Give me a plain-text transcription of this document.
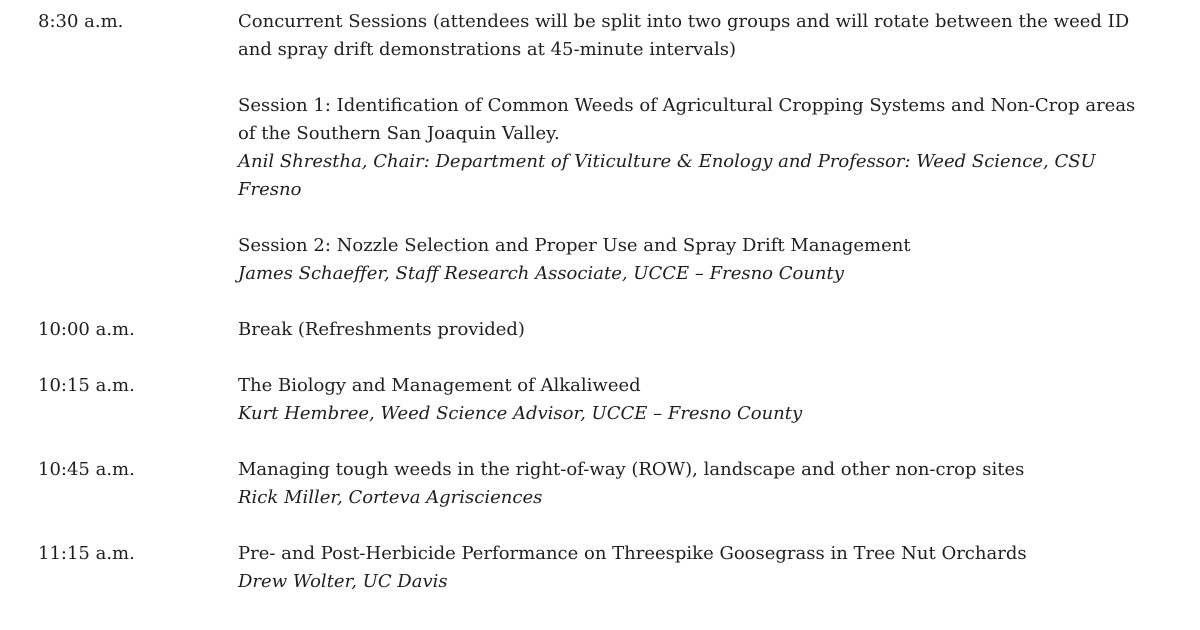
8:30 a.m.	Concurrent Sessions (attendees will be split into two groups and will rotate between the weed ID and spray drift demonstrations at 45-minute intervals)

Session 1: Identification of Common Weeds of Agricultural Cropping Systems and Non-Crop areas of the Southern San Joaquin Valley.

Anil Shrestha, Chair: Department of Viticulture & Enology and Professor: Weed Science, CSU Fresno

Session 2: Nozzle Selection and Proper Use and Spray Drift Management

James Schaeffer, Staff Research Associate, UCCE – Fresno County

10:00 a.m.	Break (Refreshments provided)

10:15 a.m.	The Biology and Management of Alkaliweed

Kurt Hembree, Weed Science Advisor, UCCE – Fresno County

10:45 a.m.	Managing tough weeds in the right-of-way (ROW), landscape and other non-crop sites

Rick Miller, Corteva Agrisciences

11:15 a.m.	Pre- and Post-Herbicide Performance on Threespike Goosegrass in Tree Nut Orchards

Drew Wolter, UC Davis
